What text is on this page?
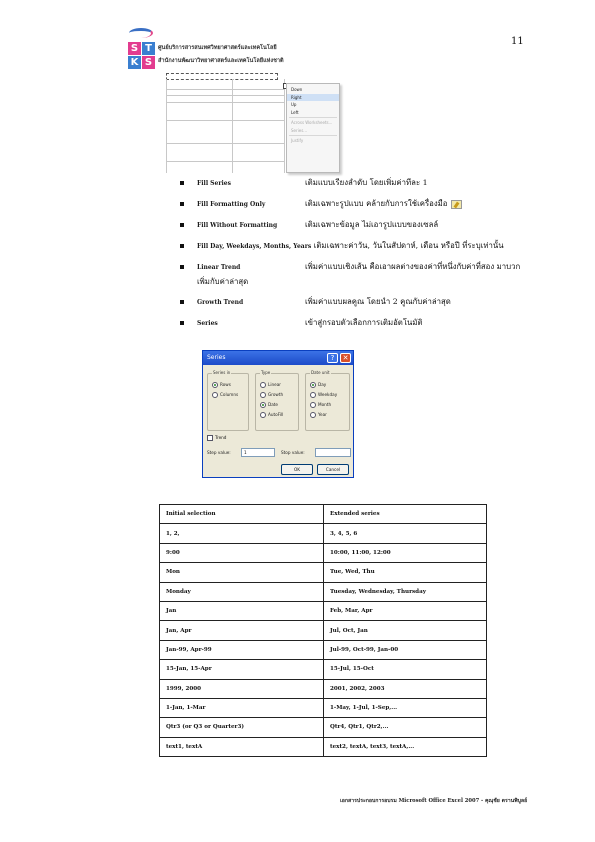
11
S T
K S
ศูนย์บริการสารสนเทศวิทยาศาสตร์และเทคโนโลยี
สำนักงานพัฒนาวิทยาศาสตร์และเทคโนโลยีแห่งชาติ
Down
Right
Up
Left
Across Worksheets...
Series...
Justify
Fill Series	เติมแบบเรียงลำดับ โดยเพิ่มค่าทีละ 1
Fill Formatting Only	เติมเฉพาะรูปแบบ คล้ายกับการใช้เครื่องมือ
Fill Without Formatting	เติมเฉพาะข้อมูล ไม่เอารูปแบบของเซลล์
Fill Day, Weekdays, Months, Years เติมเฉพาะค่าวัน, วันในสัปดาห์, เดือน หรือปี ที่ระบุเท่านั้น
Linear Trend	เพิ่มค่าแบบเชิงเส้น คือเอาผลต่างของค่าที่หนึ่งกับค่าที่สอง มาบวกเพิ่มกับค่าล่าสุด
Growth Trend	เพิ่มค่าแบบผลคูณ โดยนำ 2 คูณกับค่าล่าสุด
Series	เข้าสู่กรอบตัวเลือกการเติมอัตโนมัติ
Series	?	✕
Series in
Rows
Columns
Type
Linear
Growth
Date
AutoFill
Date unit
Day
Weekday
Month
Year
Trend
Step value:	1	Stop value:
OK	Cancel
Initial selection	Extended series
1, 2,	3, 4, 5, 6
9:00	10:00, 11:00, 12:00
Mon	Tue, Wed, Thu
Monday	Tuesday, Wednesday, Thursday
Jan	Feb, Mar, Apr
Jan, Apr	Jul, Oct, Jan
Jan-99, Apr-99	Jul-99, Oct-99, Jan-00
15-Jan, 15-Apr	15-Jul, 15-Oct
1999, 2000	2001, 2002, 2003
1-Jan, 1-Mar	1-May, 1-Jul, 1-Sep,...
Qtr3 (or Q3 or Quarter3)	Qtr4, Qtr1, Qtr2,...
text1, textA	text2, textA, text3, textA,...
เอกสารประกอบการอบรม Microsoft Office Excel 2007 - คุณุชัย ตรานพิบูลย์
